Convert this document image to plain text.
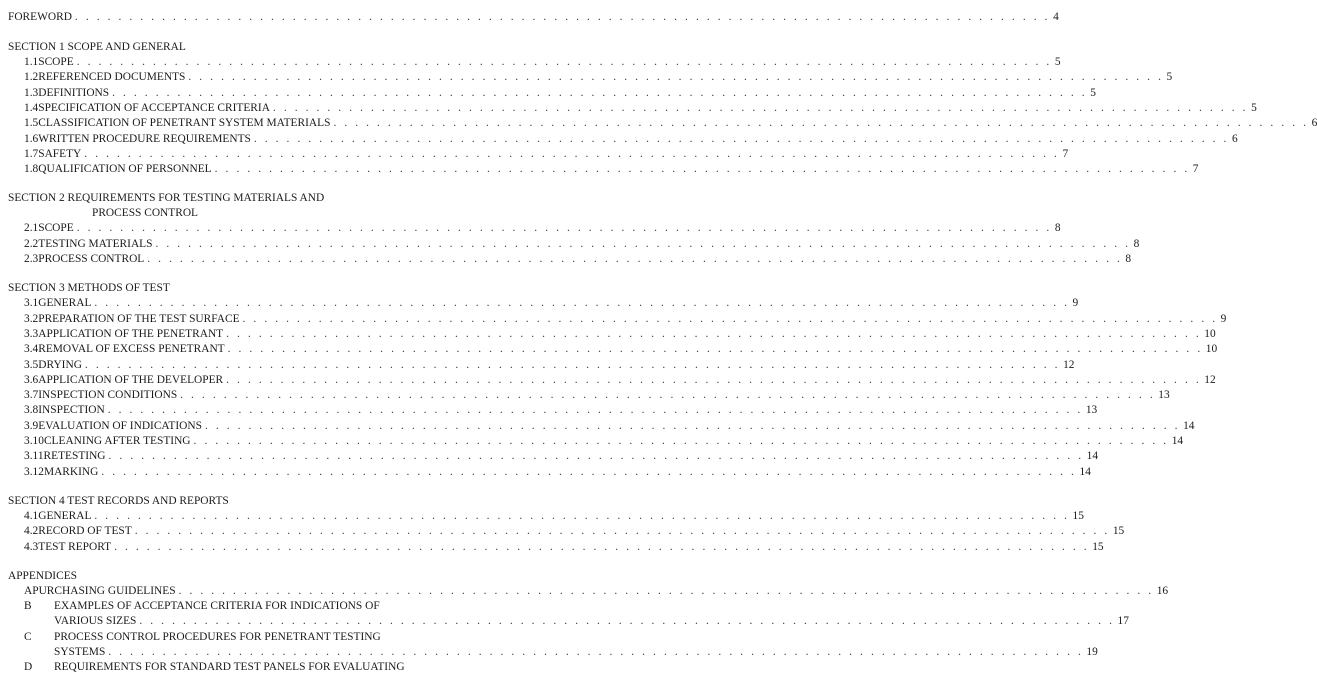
FOREWORD . . . . . . . . . . . . . . . . . . . . . . . . . . . . . . . . . . . . . . . . . . . . . . . . . . . . . . . . . . . . . . . . . . . . . . . . . . . . . . . . . . . . . . . . . . 4
SECTION 1 SCOPE AND GENERAL
1.1 SCOPE . . . . . . . . . . . . . . . . . . . . . . . . . . . . . . . . . . . . . . . . . . . . . . . . . . . . . . . . . . . . . . . . . . . . . . . . . . . . . . . . . . . . . . . . . . 5
1.2 REFERENCED DOCUMENTS . . . . . . . . . . . . . . . . . . . . . . . . . . . . . . . . . . . . . . . . . . . . . . . . . . . . . . . . . . . . . . . . . . . . . . . . . . . . . . . . . . . . . . . . . . 5
1.3 DEFINITIONS . . . . . . . . . . . . . . . . . . . . . . . . . . . . . . . . . . . . . . . . . . . . . . . . . . . . . . . . . . . . . . . . . . . . . . . . . . . . . . . . . . . . . . . . . . 5
1.4 SPECIFICATION OF ACCEPTANCE CRITERIA . . . . . . . . . . . . . . . . . . . . . . . . . . . . . . . . . . . . . . . . . . . . . . . . . . . . . . . . . . . . . . . . . . . . . . . . . . . . . . . . . . . . . . . . . . 5
1.5 CLASSIFICATION OF PENETRANT SYSTEM MATERIALS . . . . . . . . . . . . . . . . . . . . . . . . . . . . . . . . . . . . . . . . . . . . . . . . . . . . . . . . . . . . . . . . . . . . . . . . . . . . . . . . . . . . . . . . . . 6
1.6 WRITTEN PROCEDURE REQUIREMENTS . . . . . . . . . . . . . . . . . . . . . . . . . . . . . . . . . . . . . . . . . . . . . . . . . . . . . . . . . . . . . . . . . . . . . . . . . . . . . . . . . . . . . . . . . . 6
1.7 SAFETY . . . . . . . . . . . . . . . . . . . . . . . . . . . . . . . . . . . . . . . . . . . . . . . . . . . . . . . . . . . . . . . . . . . . . . . . . . . . . . . . . . . . . . . . . . 7
1.8 QUALIFICATION OF PERSONNEL . . . . . . . . . . . . . . . . . . . . . . . . . . . . . . . . . . . . . . . . . . . . . . . . . . . . . . . . . . . . . . . . . . . . . . . . . . . . . . . . . . . . . . . . . . 7
SECTION 2 REQUIREMENTS FOR TESTING MATERIALS AND
PROCESS CONTROL
2.1 SCOPE . . . . . . . . . . . . . . . . . . . . . . . . . . . . . . . . . . . . . . . . . . . . . . . . . . . . . . . . . . . . . . . . . . . . . . . . . . . . . . . . . . . . . . . . . . 8
2.2 TESTING MATERIALS . . . . . . . . . . . . . . . . . . . . . . . . . . . . . . . . . . . . . . . . . . . . . . . . . . . . . . . . . . . . . . . . . . . . . . . . . . . . . . . . . . . . . . . . . . 8
2.3 PROCESS CONTROL . . . . . . . . . . . . . . . . . . . . . . . . . . . . . . . . . . . . . . . . . . . . . . . . . . . . . . . . . . . . . . . . . . . . . . . . . . . . . . . . . . . . . . . . . . 8
SECTION 3 METHODS OF TEST
3.1 GENERAL . . . . . . . . . . . . . . . . . . . . . . . . . . . . . . . . . . . . . . . . . . . . . . . . . . . . . . . . . . . . . . . . . . . . . . . . . . . . . . . . . . . . . . . . . . 9
3.2 PREPARATION OF THE TEST SURFACE . . . . . . . . . . . . . . . . . . . . . . . . . . . . . . . . . . . . . . . . . . . . . . . . . . . . . . . . . . . . . . . . . . . . . . . . . . . . . . . . . . . . . . . . . . 9
3.3 APPLICATION OF THE PENETRANT . . . . . . . . . . . . . . . . . . . . . . . . . . . . . . . . . . . . . . . . . . . . . . . . . . . . . . . . . . . . . . . . . . . . . . . . . . . . . . . . . . . . . . . . . . 10
3.4 REMOVAL OF EXCESS PENETRANT . . . . . . . . . . . . . . . . . . . . . . . . . . . . . . . . . . . . . . . . . . . . . . . . . . . . . . . . . . . . . . . . . . . . . . . . . . . . . . . . . . . . . . . . . . 10
3.5 DRYING . . . . . . . . . . . . . . . . . . . . . . . . . . . . . . . . . . . . . . . . . . . . . . . . . . . . . . . . . . . . . . . . . . . . . . . . . . . . . . . . . . . . . . . . . . 12
3.6 APPLICATION OF THE DEVELOPER . . . . . . . . . . . . . . . . . . . . . . . . . . . . . . . . . . . . . . . . . . . . . . . . . . . . . . . . . . . . . . . . . . . . . . . . . . . . . . . . . . . . . . . . . . 12
3.7 INSPECTION CONDITIONS . . . . . . . . . . . . . . . . . . . . . . . . . . . . . . . . . . . . . . . . . . . . . . . . . . . . . . . . . . . . . . . . . . . . . . . . . . . . . . . . . . . . . . . . . . 13
3.8 INSPECTION . . . . . . . . . . . . . . . . . . . . . . . . . . . . . . . . . . . . . . . . . . . . . . . . . . . . . . . . . . . . . . . . . . . . . . . . . . . . . . . . . . . . . . . . . . 13
3.9 EVALUATION OF INDICATIONS . . . . . . . . . . . . . . . . . . . . . . . . . . . . . . . . . . . . . . . . . . . . . . . . . . . . . . . . . . . . . . . . . . . . . . . . . . . . . . . . . . . . . . . . . . 14
3.10 CLEANING AFTER TESTING . . . . . . . . . . . . . . . . . . . . . . . . . . . . . . . . . . . . . . . . . . . . . . . . . . . . . . . . . . . . . . . . . . . . . . . . . . . . . . . . . . . . . . . . . . 14
3.11 RETESTING . . . . . . . . . . . . . . . . . . . . . . . . . . . . . . . . . . . . . . . . . . . . . . . . . . . . . . . . . . . . . . . . . . . . . . . . . . . . . . . . . . . . . . . . . . 14
3.12 MARKING . . . . . . . . . . . . . . . . . . . . . . . . . . . . . . . . . . . . . . . . . . . . . . . . . . . . . . . . . . . . . . . . . . . . . . . . . . . . . . . . . . . . . . . . . . 14
SECTION 4 TEST RECORDS AND REPORTS
4.1 GENERAL . . . . . . . . . . . . . . . . . . . . . . . . . . . . . . . . . . . . . . . . . . . . . . . . . . . . . . . . . . . . . . . . . . . . . . . . . . . . . . . . . . . . . . . . . . 15
4.2 RECORD OF TEST . . . . . . . . . . . . . . . . . . . . . . . . . . . . . . . . . . . . . . . . . . . . . . . . . . . . . . . . . . . . . . . . . . . . . . . . . . . . . . . . . . . . . . . . . . 15
4.3 TEST REPORT . . . . . . . . . . . . . . . . . . . . . . . . . . . . . . . . . . . . . . . . . . . . . . . . . . . . . . . . . . . . . . . . . . . . . . . . . . . . . . . . . . . . . . . . . . 15
APPENDICES
A PURCHASING GUIDELINES . . . . . . . . . . . . . . . . . . . . . . . . . . . . . . . . . . . . . . . . . . . . . . . . . . . . . . . . . . . . . . . . . . . . . . . . . . . . . . . . . . . . . . . . . . 16
B	EXAMPLES OF ACCEPTANCE CRITERIA FOR INDICATIONS OF
VARIOUS SIZES . . . . . . . . . . . . . . . . . . . . . . . . . . . . . . . . . . . . . . . . . . . . . . . . . . . . . . . . . . . . . . . . . . . . . . . . . . . . . . . . . . . . . . . . . . 17
C	PROCESS CONTROL PROCEDURES FOR PENETRANT TESTING
SYSTEMS . . . . . . . . . . . . . . . . . . . . . . . . . . . . . . . . . . . . . . . . . . . . . . . . . . . . . . . . . . . . . . . . . . . . . . . . . . . . . . . . . . . . . . . . . . 19
D	REQUIREMENTS FOR STANDARD TEST PANELS FOR EVALUATING
